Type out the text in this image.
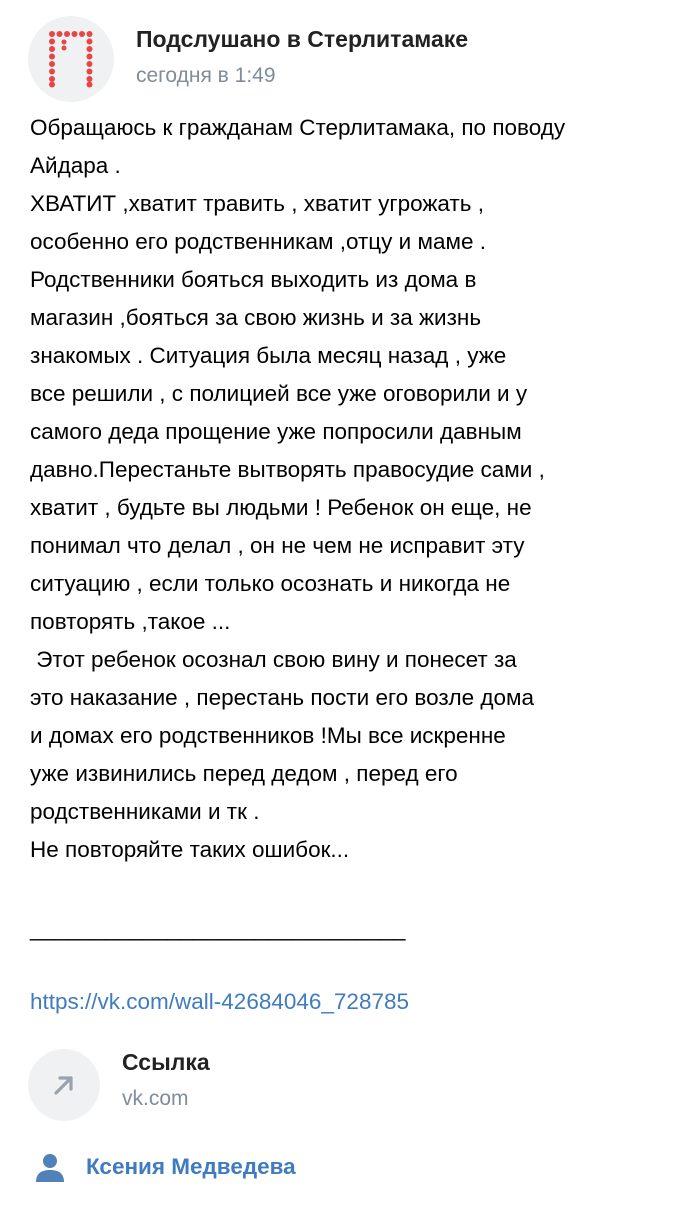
Подслушано в Стерлитамаке
сегодня в 1:49
Обращаюсь к гражданам Стерлитамака, по поводу
Айдара .
ХВАТИТ ,хватит травить , хватит угрожать ,
особенно его родственникам ,отцу и маме .
Родственники бояться выходить из дома в
магазин ,бояться за свою жизнь и за жизнь
знакомых . Ситуация была месяц назад , уже
все решили , с полицией все уже оговорили и у
самого деда прощение уже попросили давным
давно.Перестаньте вытворять правосудие сами ,
хватит , будьте вы людьми ! Ребенок он еще, не
понимал что делал , он не чем не исправит эту
ситуацию , если только осознать и никогда не
повторять ,такое ...
Этот ребенок осознал свою вину и понесет за
это наказание , перестань пости его возле дома
и домах его родственников !Мы все искренне
уже извинились перед дедом , перед его
родственниками и тк .
Не повторяйте таких ошибок...
______________________________
https://vk.com/wall-42684046_728785
Ссылка
vk.com
Ксения Медведева
